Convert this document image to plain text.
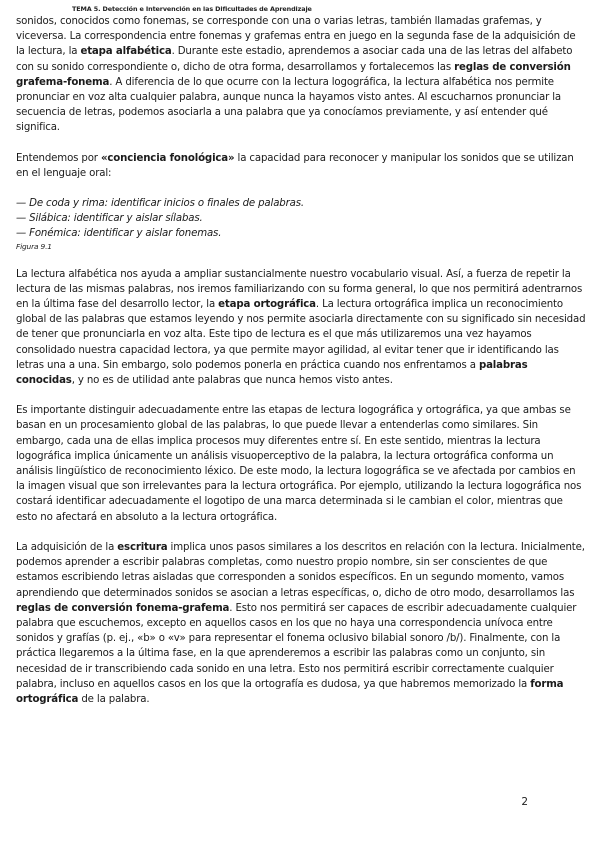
TEMA 5. Detección e Intervención en las Dificultades de Aprendizaje

sonidos, conocidos como fonemas, se corresponde con una o varias letras, también llamadas grafemas, y viceversa. La correspondencia entre fonemas y grafemas entra en juego en la segunda fase de la adquisición de la lectura, la etapa alfabética. Durante este estadio, aprendemos a asociar cada una de las letras del alfabeto con su sonido correspondiente o, dicho de otra forma, desarrollamos y fortalecemos las reglas de conversión grafema-fonema. A diferencia de lo que ocurre con la lectura logográfica, la lectura alfabética nos permite pronunciar en voz alta cualquier palabra, aunque nunca la hayamos visto antes. Al escucharnos pronunciar la secuencia de letras, podemos asociarla a una palabra que ya conocíamos previamente, y así entender qué significa.

Entendemos por «conciencia fonológica» la capacidad para reconocer y manipular los sonidos que se utilizan en el lenguaje oral:

— De coda y rima: identificar inicios o finales de palabras.

— Silábica: identificar y aislar sílabas.

— Fonémica: identificar y aislar fonemas.

Figura 9.1

La lectura alfabética nos ayuda a ampliar sustancialmente nuestro vocabulario visual. Así, a fuerza de repetir la lectura de las mismas palabras, nos iremos familiarizando con su forma general, lo que nos permitirá adentrarnos en la última fase del desarrollo lector, la etapa ortográfica. La lectura ortográfica implica un reconocimiento global de las palabras que estamos leyendo y nos permite asociarla directamente con su significado sin necesidad de tener que pronunciarla en voz alta. Este tipo de lectura es el que más utilizaremos una vez hayamos consolidado nuestra capacidad lectora, ya que permite mayor agilidad, al evitar tener que ir identificando las letras una a una. Sin embargo, solo podemos ponerla en práctica cuando nos enfrentamos a palabras conocidas, y no es de utilidad ante palabras que nunca hemos visto antes.

Es importante distinguir adecuadamente entre las etapas de lectura logográfica y ortográfica, ya que ambas se basan en un procesamiento global de las palabras, lo que puede llevar a entenderlas como similares. Sin embargo, cada una de ellas implica procesos muy diferentes entre sí. En este sentido, mientras la lectura logográfica implica únicamente un análisis visuoperceptivo de la palabra, la lectura ortográfica conforma un análisis lingüístico de reconocimiento léxico. De este modo, la lectura logográfica se ve afectada por cambios en la imagen visual que son irrelevantes para la lectura ortográfica. Por ejemplo, utilizando la lectura logográfica nos costará identificar adecuadamente el logotipo de una marca determinada si le cambian el color, mientras que esto no afectará en absoluto a la lectura ortográfica.

La adquisición de la escritura implica unos pasos similares a los descritos en relación con la lectura. Inicialmente, podemos aprender a escribir palabras completas, como nuestro propio nombre, sin ser conscientes de que estamos escribiendo letras aisladas que corresponden a sonidos específicos. En un segundo momento, vamos aprendiendo que determinados sonidos se asocian a letras específicas, o, dicho de otro modo, desarrollamos las reglas de conversión fonema-grafema. Esto nos permitirá ser capaces de escribir adecuadamente cualquier palabra que escuchemos, excepto en aquellos casos en los que no haya una correspondencia unívoca entre sonidos y grafías (p. ej., «b» o «v» para representar el fonema oclusivo bilabial sonoro /b/). Finalmente, con la práctica llegaremos a la última fase, en la que aprenderemos a escribir las palabras como un conjunto, sin necesidad de ir transcribiendo cada sonido en una letra. Esto nos permitirá escribir correctamente cualquier palabra, incluso en aquellos casos en los que la ortografía es dudosa, ya que habremos memorizado la forma ortográfica de la palabra.

2
